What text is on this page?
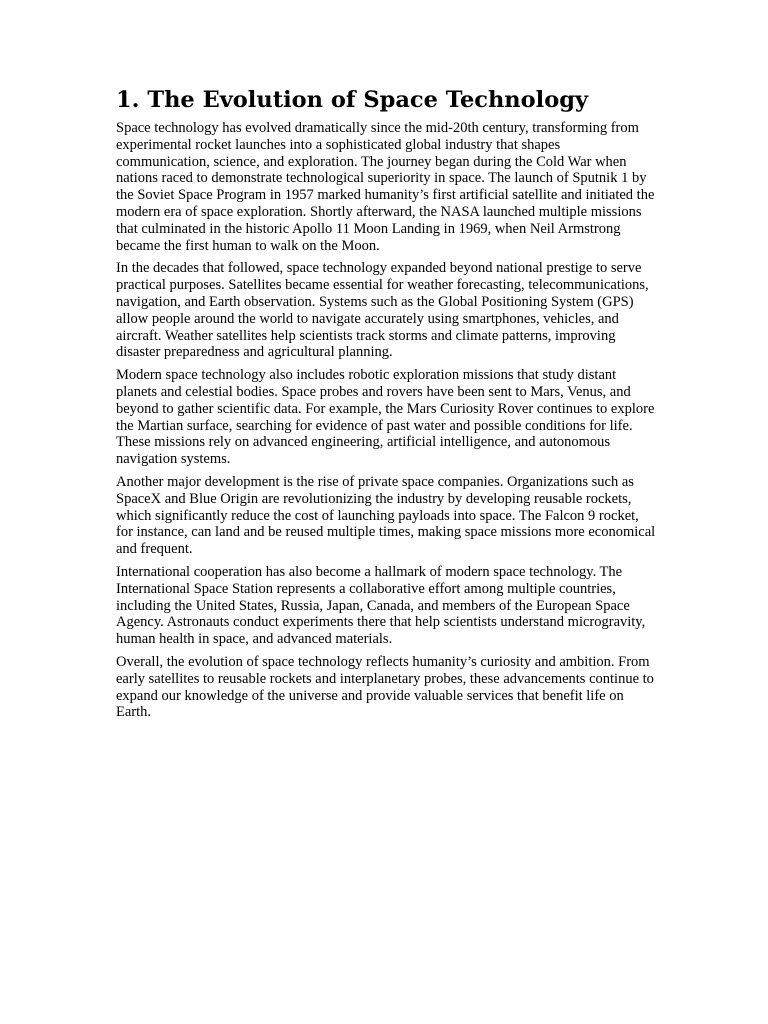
1. The Evolution of Space Technology

Space technology has evolved dramatically since the mid-20th century, transforming from experimental rocket launches into a sophisticated global industry that shapes communication, science, and exploration. The journey began during the Cold War when nations raced to demonstrate technological superiority in space. The launch of Sputnik 1 by the Soviet Space Program in 1957 marked humanity’s first artificial satellite and initiated the modern era of space exploration. Shortly afterward, the NASA launched multiple missions that culminated in the historic Apollo 11 Moon Landing in 1969, when Neil Armstrong became the first human to walk on the Moon.

In the decades that followed, space technology expanded beyond national prestige to serve practical purposes. Satellites became essential for weather forecasting, telecommunications, navigation, and Earth observation. Systems such as the Global Positioning System (GPS) allow people around the world to navigate accurately using smartphones, vehicles, and aircraft. Weather satellites help scientists track storms and climate patterns, improving disaster preparedness and agricultural planning.

Modern space technology also includes robotic exploration missions that study distant planets and celestial bodies. Space probes and rovers have been sent to Mars, Venus, and beyond to gather scientific data. For example, the Mars Curiosity Rover continues to explore the Martian surface, searching for evidence of past water and possible conditions for life. These missions rely on advanced engineering, artificial intelligence, and autonomous navigation systems.

Another major development is the rise of private space companies. Organizations such as SpaceX and Blue Origin are revolutionizing the industry by developing reusable rockets, which significantly reduce the cost of launching payloads into space. The Falcon 9 rocket, for instance, can land and be reused multiple times, making space missions more economical and frequent.

International cooperation has also become a hallmark of modern space technology. The International Space Station represents a collaborative effort among multiple countries, including the United States, Russia, Japan, Canada, and members of the European Space Agency. Astronauts conduct experiments there that help scientists understand microgravity, human health in space, and advanced materials.

Overall, the evolution of space technology reflects humanity’s curiosity and ambition. From early satellites to reusable rockets and interplanetary probes, these advancements continue to expand our knowledge of the universe and provide valuable services that benefit life on Earth.
